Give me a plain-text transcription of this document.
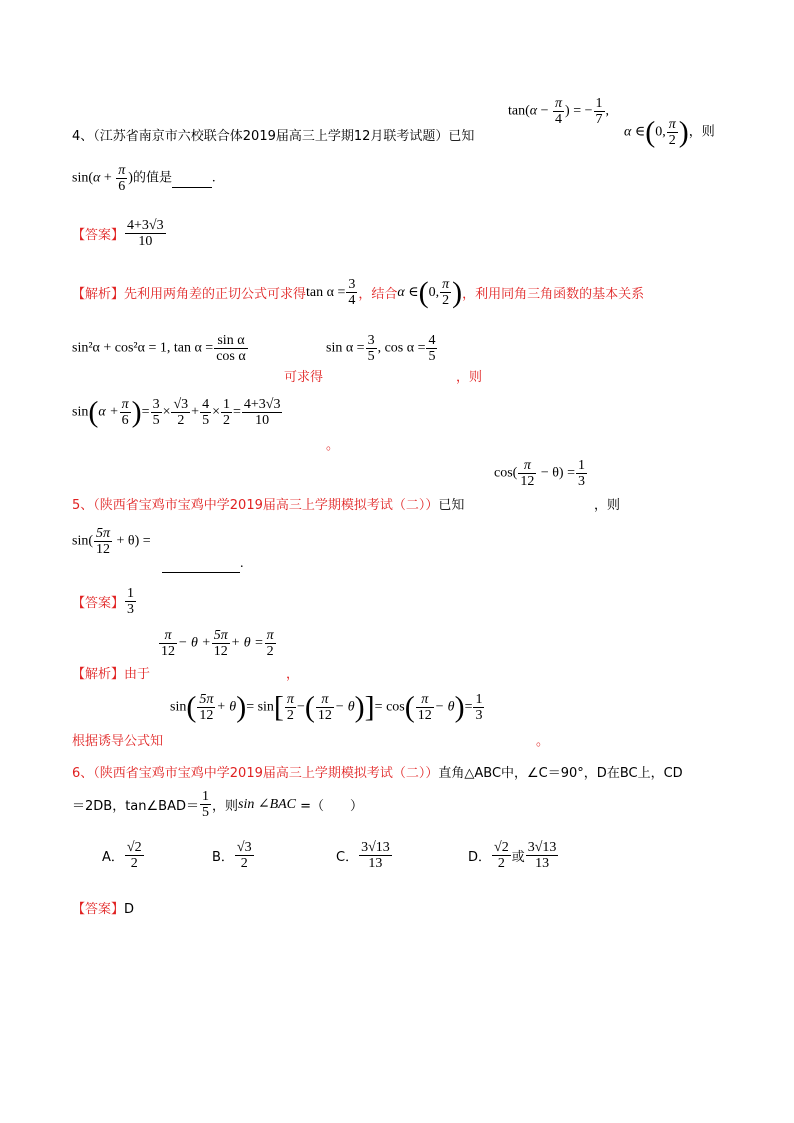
$\tan(\alpha - \frac{\pi}{4}$ ) = − $\frac{1}{7}$ ,
4、（江苏省南京市六校联合体2019届高三上学期12月联考试题）已知	α ∈(0, $\frac{\pi}{2}$ )，则
$\sin(\alpha + \frac{\pi}{6}$ )的值是	.
【答案】 $\frac{4+3√3}{10}$
【解析】先利用两角差的正切公式可求得$\tan \alpha = \frac{3}{4}$ ，结合α ∈(0, $\frac{\pi}{2}$ )，利用同角三角函数的基本关系
sin²α + cos²α = 1, $\tan \alpha = \frac{\text{sin α}}{\text{cos α}}$
可求得
$\sin \alpha = \frac{3}{5}$ , $\cos \alpha = \frac{4}{5}$
，则
$\sin(\alpha + \frac{\pi}{6}$ )= $\frac{3}{5} \times \frac{√3}{2} + \frac{4}{5} \times \frac{1}{2} = \frac{4+3√3}{10}$
。
$\cos( \frac{\pi}{12} - \theta) = \frac{1}{3}$
5、（陕西省宝鸡市宝鸡中学2019届高三上学期模拟考试（二））已知	，则
$\sin( \frac{5\pi}{12} + \theta)$ =
.
【答案】 $\frac{1}{3}$
$\frac{\pi}{12} - \theta + \frac{5\pi}{12} + \theta = \frac{\pi}{2}$
【解析】由于	，
$\sin( \frac{5\pi}{12} + \theta)= \sin[ \frac{\pi}{2}$ −( $\frac{\pi}{12} - \theta)]= \cos( \frac{\pi}{12} - \theta)= \frac{1}{3}$
根据诱导公式知	。
6、（陕西省宝鸡市宝鸡中学2019届高三上学期模拟考试（二））直角△ABC中，∠C＝90°，D在BC上，CD
＝2DB，tan∠BAD＝ $\frac{1}{5}$ ，则sin ∠BAC =（　　）
A． $\frac{√2}{2}$	B． $\frac{√3}{2}$	C． $\frac{3√13}{13}$	D． $\frac{√2}{2}$ 或 $\frac{3√13}{13}$
【答案】D
